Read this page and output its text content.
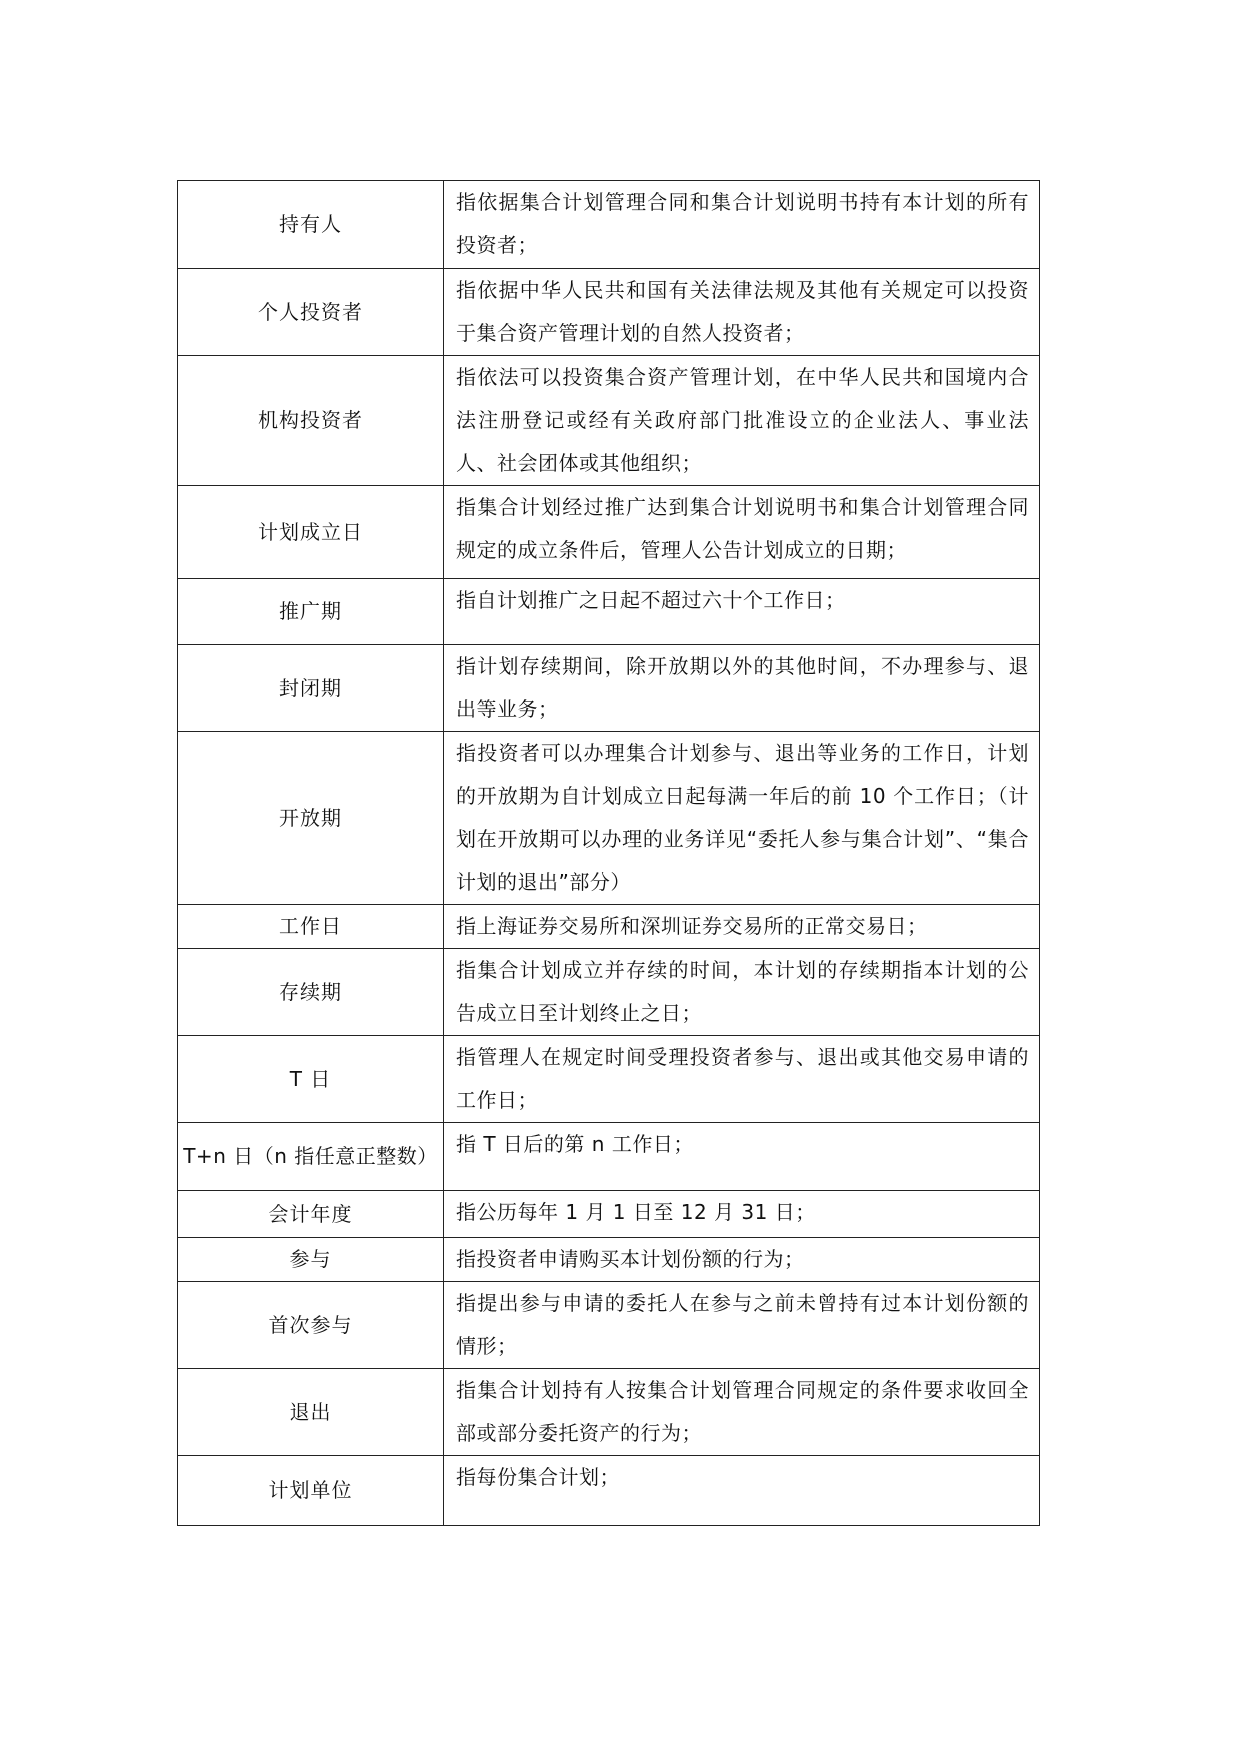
持有人	指依据集合计划管理合同和集合计划说明书持有本计划的所有投资者；

个人投资者	指依据中华人民共和国有关法律法规及其他有关规定可以投资于集合资产管理计划的自然人投资者；

机构投资者	指依法可以投资集合资产管理计划，在中华人民共和国境内合法注册登记或经有关政府部门批准设立的企业法人、事业法人、社会团体或其他组织；

计划成立日	指集合计划经过推广达到集合计划说明书和集合计划管理合同规定的成立条件后，管理人公告计划成立的日期；

推广期	指自计划推广之日起不超过六十个工作日；

封闭期	指计划存续期间，除开放期以外的其他时间，不办理参与、退出等业务；

开放期	指投资者可以办理集合计划参与、退出等业务的工作日，计划的开放期为自计划成立日起每满一年后的前 10 个工作日；（计划在开放期可以办理的业务详见“委托人参与集合计划”、“集合计划的退出”部分）

工作日	指上海证券交易所和深圳证券交易所的正常交易日；

存续期	指集合计划成立并存续的时间，本计划的存续期指本计划的公告成立日至计划终止之日；

T 日	指管理人在规定时间受理投资者参与、退出或其他交易申请的工作日；

T+n 日（n 指任意正整数）	指 T 日后的第 n 工作日；

会计年度	指公历每年 1 月 1 日至 12 月 31 日；

参与	指投资者申请购买本计划份额的行为；

首次参与	指提出参与申请的委托人在参与之前未曾持有过本计划份额的情形；

退出	指集合计划持有人按集合计划管理合同规定的条件要求收回全部或部分委托资产的行为；

计划单位	指每份集合计划；
